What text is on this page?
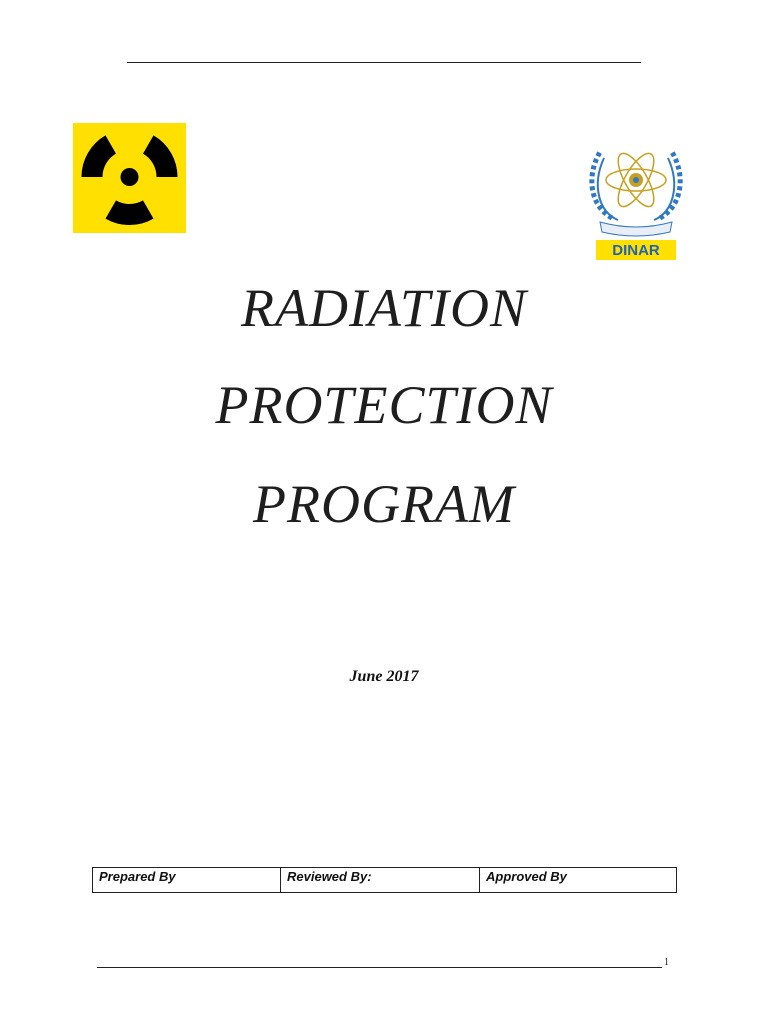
DINAR
RADIATION
PROTECTION
PROGRAM
June 2017
Prepared By	Reviewed By:	Approved By
1
